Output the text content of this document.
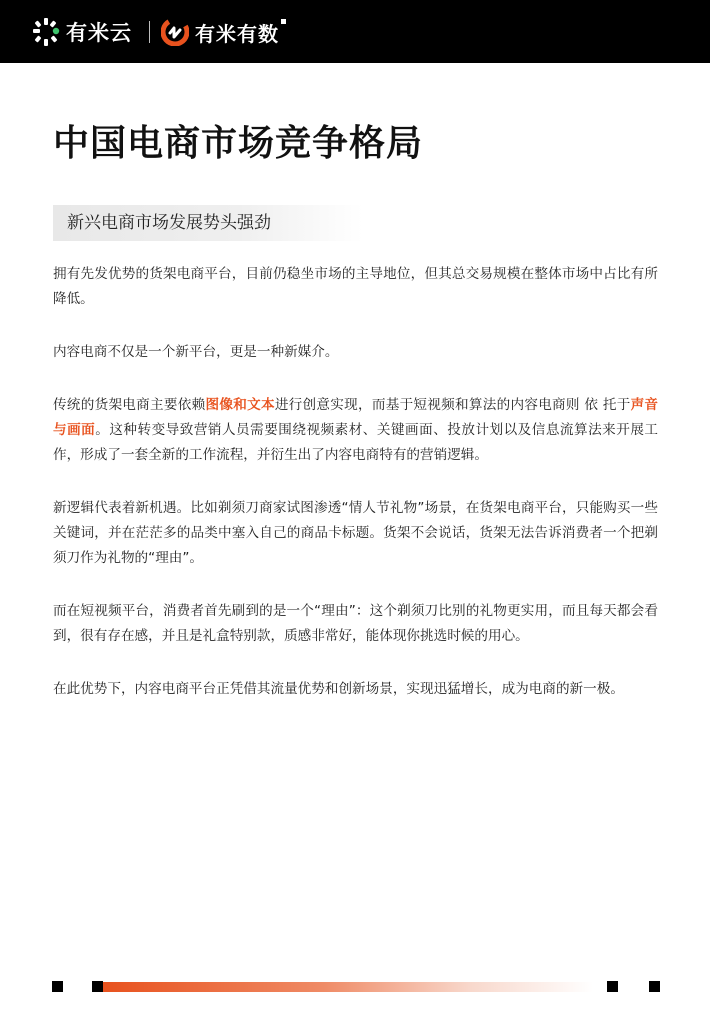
有米云	有米有数
中国电商市场竞争格局
新兴电商市场发展势头强劲

拥有先发优势的货架电商平台，目前仍稳坐市场的主导地位，但其总交易规模在整体市场中占比有所降低。

内容电商不仅是一个新平台，更是一种新媒介。

传统的货架电商主要依赖图像和文本进行创意实现，而基于短视频和算法的内容电商则 依 托于声音与画面。这种转变导致营销人员需要围绕视频素材、关键画面、投放计划以及信息流算法来开展工作，形成了一套全新的工作流程，并衍生出了内容电商特有的营销逻辑。

新逻辑代表着新机遇。比如剃须刀商家试图渗透“情人节礼物”场景，在货架电商平台，只能购买一些关键词，并在茫茫多的品类中塞入自己的商品卡标题。货架不会说话，货架无法告诉消费者一个把剃须刀作为礼物的“理由”。

而在短视频平台，消费者首先刷到的是一个“理由”：这个剃须刀比别的礼物更实用，而且每天都会看到，很有存在感，并且是礼盒特别款，质感非常好，能体现你挑选时候的用心。

在此优势下，内容电商平台正凭借其流量优势和创新场景，实现迅猛增长，成为电商的新一极。
